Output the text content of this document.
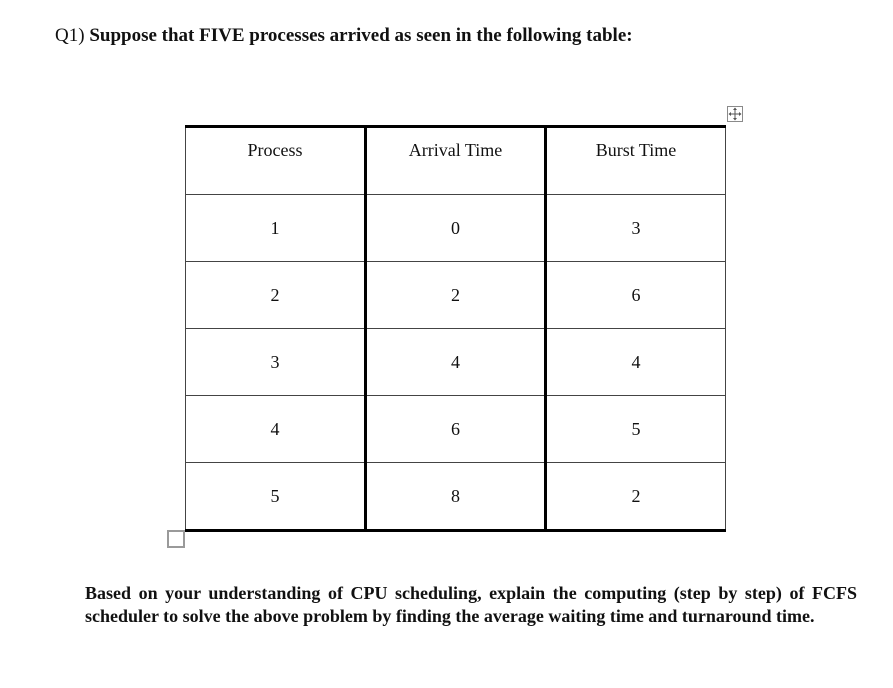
Q1) Suppose that FIVE processes arrived as seen in the following table:
Process	Arrival Time	Burst Time
1	0	3
2	2	6
3	4	4
4	6	5
5	8	2

Based on your understanding of CPU scheduling, explain the computing (step by step) of FCFS scheduler to solve the above problem by finding the average waiting time and turnaround time.
